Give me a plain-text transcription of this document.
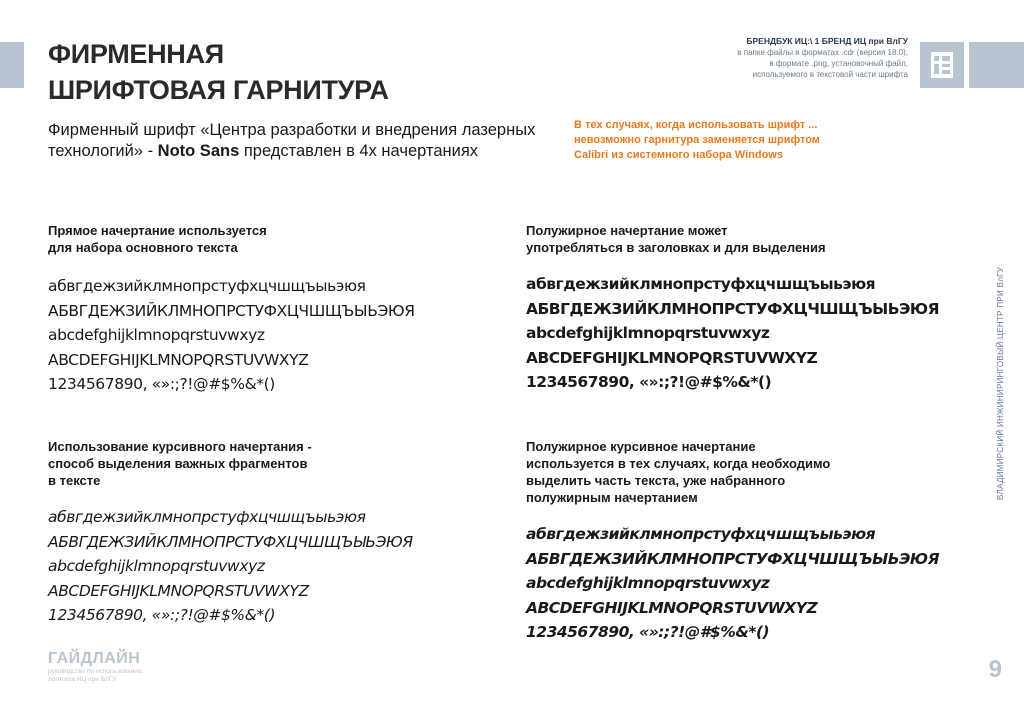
ФИРМЕННАЯ
ШРИФТОВАЯ ГАРНИТУРА
БРЕНДБУК ИЦ:\ 1 БРЕНД ИЦ при ВлГУ
в папке файлы в форматах .cdr (версия 18.0),
в формате .png, установочный файл,
используемого в текстовой части шрифта
Фирменный шрифт «Центра разработки и внедрения лазерных технологий» - Noto Sans представлен в 4х начертаниях
В тех случаях, когда использовать шрифт ...
невозможно гарнитура заменяется шрифтом
Calibri из системного набора Windows
Прямое начертание используется
для набора основного текста
абвгдежзийклмнопрстуфхцчшщъыьэюя
АБВГДЕЖЗИЙКЛМНОПРСТУФХЦЧШЩЪЫЬЭЮЯ
abcdefghijklmnopqrstuvwxyz
ABCDEFGHIJKLMNOPQRSTUVWXYZ
1234567890, «»:;?!@#$%&*()
Полужирное начертание может
употребляться в заголовках и для выделения
абвгдежзийклмнопрстуфхцчшщъыьэюя
АБВГДЕЖЗИЙКЛМНОПРСТУФХЦЧШЩЪЫЬЭЮЯ
abcdefghijklmnopqrstuvwxyz
ABCDEFGHIJKLMNOPQRSTUVWXYZ
1234567890, «»:;?!@#$%&*()
Использование курсивного начертания -
способ выделения важных фрагментов
в тексте
абвгдежзийклмнопрстуфхцчшщъыьэюя
АБВГДЕЖЗИЙКЛМНОПРСТУФХЦЧШЩЪЫЬЭЮЯ
abcdefghijklmnopqrstuvwxyz
ABCDEFGHIJKLMNOPQRSTUVWXYZ
1234567890, «»:;?!@#$%&*()
Полужирное курсивное начертание
используется в тех случаях, когда необходимо
выделить часть текста, уже набранного
полужирным начертанием
абвгдежзийклмнопрстуфхцчшщъыьэюя
АБВГДЕЖЗИЙКЛМНОПРСТУФХЦЧШЩЪЫЬЭЮЯ
abcdefghijklmnopqrstuvwxyz
ABCDEFGHIJKLMNOPQRSTUVWXYZ
1234567890, «»:;?!@#$%&*()
ВЛАДИМИРСКИЙ ИНЖИНИРИНГОВЫЙ ЦЕНТР ПРИ ВлГУ
ГАЙДЛАЙН
руководство по использованию
логотипа ИЦ при ВлГУ	9
